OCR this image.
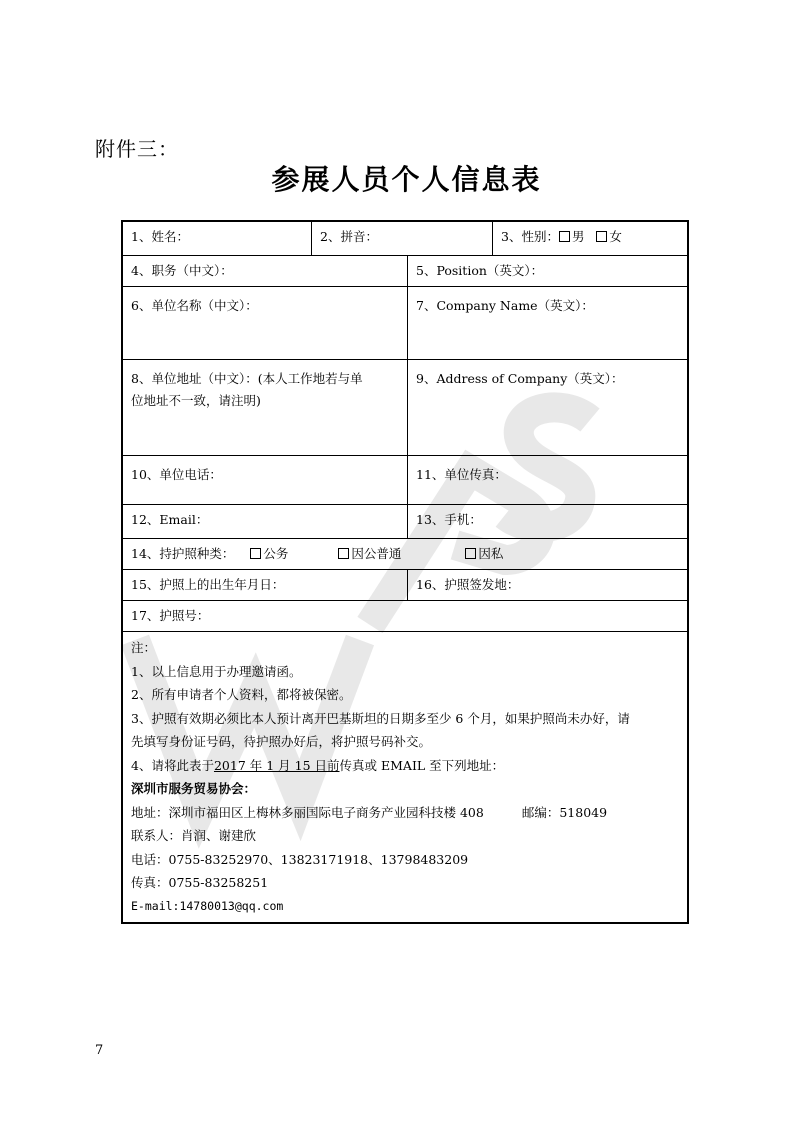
附件三：
参展人员个人信息表
1、姓名：	2、拼音：	3、性别： 男 女
4、职务（中文）：	5、Position（英文）：
6、单位名称（中文）：	7、Company Name（英文）：
8、单位地址（中文）：(本人工作地若与单
位地址不一致，请注明)
9、Address of Company（英文）：
10、单位电话：	11、单位传真：
12、Email：	13、手机：
14、持护照种类： 公务	因公普通	因私
15、护照上的出生年月日：	16、护照签发地：
17、护照号：
注：
1、以上信息用于办理邀请函。
2、所有申请者个人资料，都将被保密。
3、护照有效期必须比本人预计离开巴基斯坦的日期多至少 6 个月，如果护照尚未办好，请
先填写身份证号码，待护照办好后，将护照号码补交。
4、请将此表于2017 年 1 月 15 日前传真或 EMAIL 至下列地址：
深圳市服务贸易协会：
地址：深圳市福田区上梅林多丽国际电子商务产业园科技楼 408	邮编：518049
联系人：肖润、谢建欣
电话：0755-83252970、13823171918、13798483209
传真：0755-83258251
E-mail:14780013@qq.com
7
